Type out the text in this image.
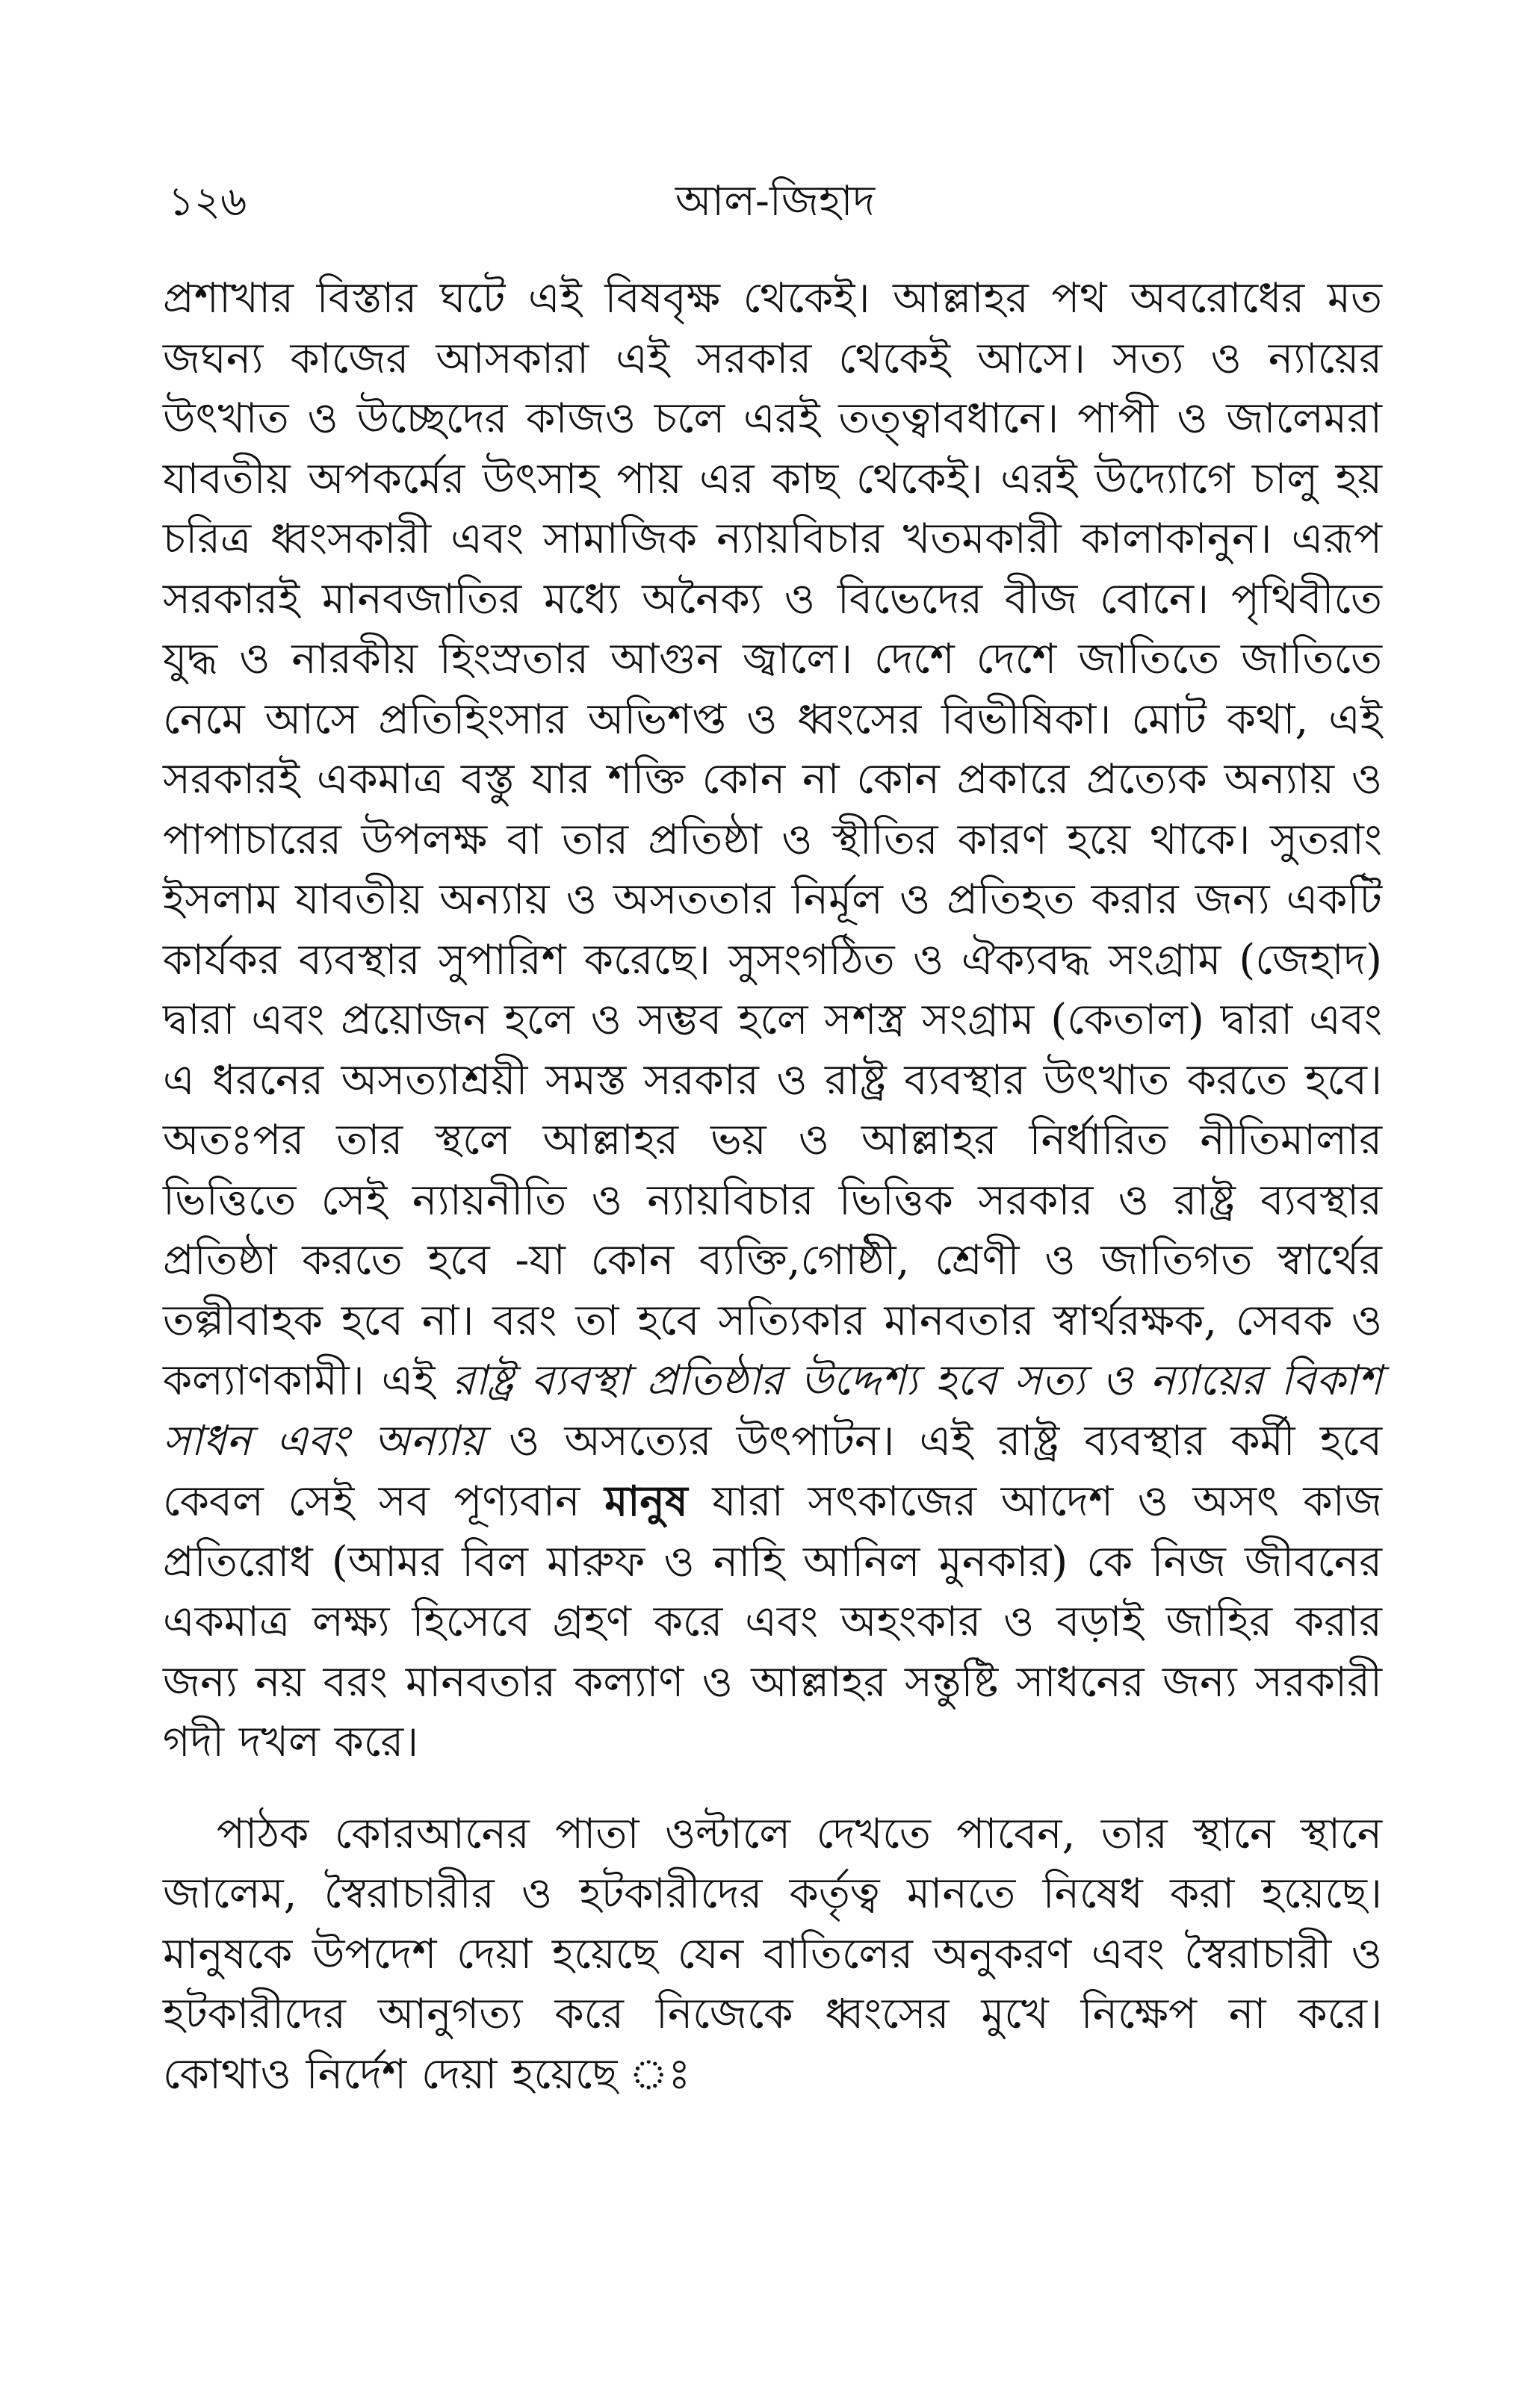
১২৬	আল-জিহাদ

প্রশাখার বিস্তার ঘটে এই বিষবৃক্ষ থেকেই। আল্লাহর পথ অবরোধের মত জঘন্য কাজের আসকারা এই সরকার থেকেই আসে। সত্য ও ন্যায়ের উৎখাত ও উচ্ছেদের কাজও চলে এরই তত্ত্বাবধানে। পাপী ও জালেমরা যাবতীয় অপকর্মের উৎসাহ পায় এর কাছ থেকেই। এরই উদ্যোগে চালু হয় চরিত্র ধ্বংসকারী এবং সামাজিক ন্যায়বিচার খতমকারী কালাকানুন। এরূপ সরকারই মানবজাতির মধ্যে অনৈক্য ও বিভেদের বীজ বোনে। পৃথিবীতে যুদ্ধ ও নারকীয় হিংস্রতার আগুন জ্বালে। দেশে দেশে জাতিতে জাতিতে নেমে আসে প্রতিহিংসার অভিশপ্ত ও ধ্বংসের বিভীষিকা। মোট কথা, এই সরকারই একমাত্র বস্তু যার শক্তি কোন না কোন প্রকারে প্রত্যেক অন্যায় ও পাপাচারের উপলক্ষ বা তার প্রতিষ্ঠা ও স্থীতির কারণ হয়ে থাকে। সুতরাং ইসলাম যাবতীয় অন্যায় ও অসততার নির্মূল ও প্রতিহত করার জন্য একটি কার্যকর ব্যবস্থার সুপারিশ করেছে। সুসংগঠিত ও ঐক্যবদ্ধ সংগ্রাম (জেহাদ) দ্বারা এবং প্রয়োজন হলে ও সম্ভব হলে সশস্ত্র সংগ্রাম (কেতাল) দ্বারা এবং এ ধরনের অসত্যাশ্রয়ী সমস্ত সরকার ও রাষ্ট্র ব্যবস্থার উৎখাত করতে হবে। অতঃপর তার স্থলে আল্লাহর ভয় ও আল্লাহর নির্ধারিত নীতিমালার ভিত্তিতে সেই ন্যায়নীতি ও ন্যায়বিচার ভিত্তিক সরকার ও রাষ্ট্র ব্যবস্থার প্রতিষ্ঠা করতে হবে -যা কোন ব্যক্তি,গোষ্ঠী, শ্রেণী ও জাতিগত স্বার্থের তল্পীবাহক হবে না। বরং তা হবে সত্যিকার মানবতার স্বার্থরক্ষক, সেবক ও কল্যাণকামী। এই রাষ্ট্র ব্যবস্থা প্রতিষ্ঠার উদ্দেশ্য হবে সত্য ও ন্যায়ের বিকাশ সাধন এবং অন্যায় ও অসত্যের উৎপাটন। এই রাষ্ট্র ব্যবস্থার কর্মী হবে কেবল সেই সব পূণ্যবান মানুষ যারা সৎকাজের আদেশ ও অসৎ কাজ প্রতিরোধ (আমর বিল মারুফ ও নাহি আনিল মুনকার) কে নিজ জীবনের একমাত্র লক্ষ্য হিসেবে গ্রহণ করে এবং অহংকার ও বড়াই জাহির করার জন্য নয় বরং মানবতার কল্যাণ ও আল্লাহর সন্তুষ্টি সাধনের জন্য সরকারী গদী দখল করে।

পাঠক কোরআনের পাতা ওল্টালে দেখতে পাবেন, তার স্থানে স্থানে জালেম, স্বৈরাচারীর ও হটকারীদের কর্তৃত্ব মানতে নিষেধ করা হয়েছে। মানুষকে উপদেশ দেয়া হয়েছে যেন বাতিলের অনুকরণ এবং স্বৈরাচারী ও হটকারীদের আনুগত্য করে নিজেকে ধ্বংসের মুখে নিক্ষেপ না করে। কোথাও নির্দেশ দেয়া হয়েছে ঃ
